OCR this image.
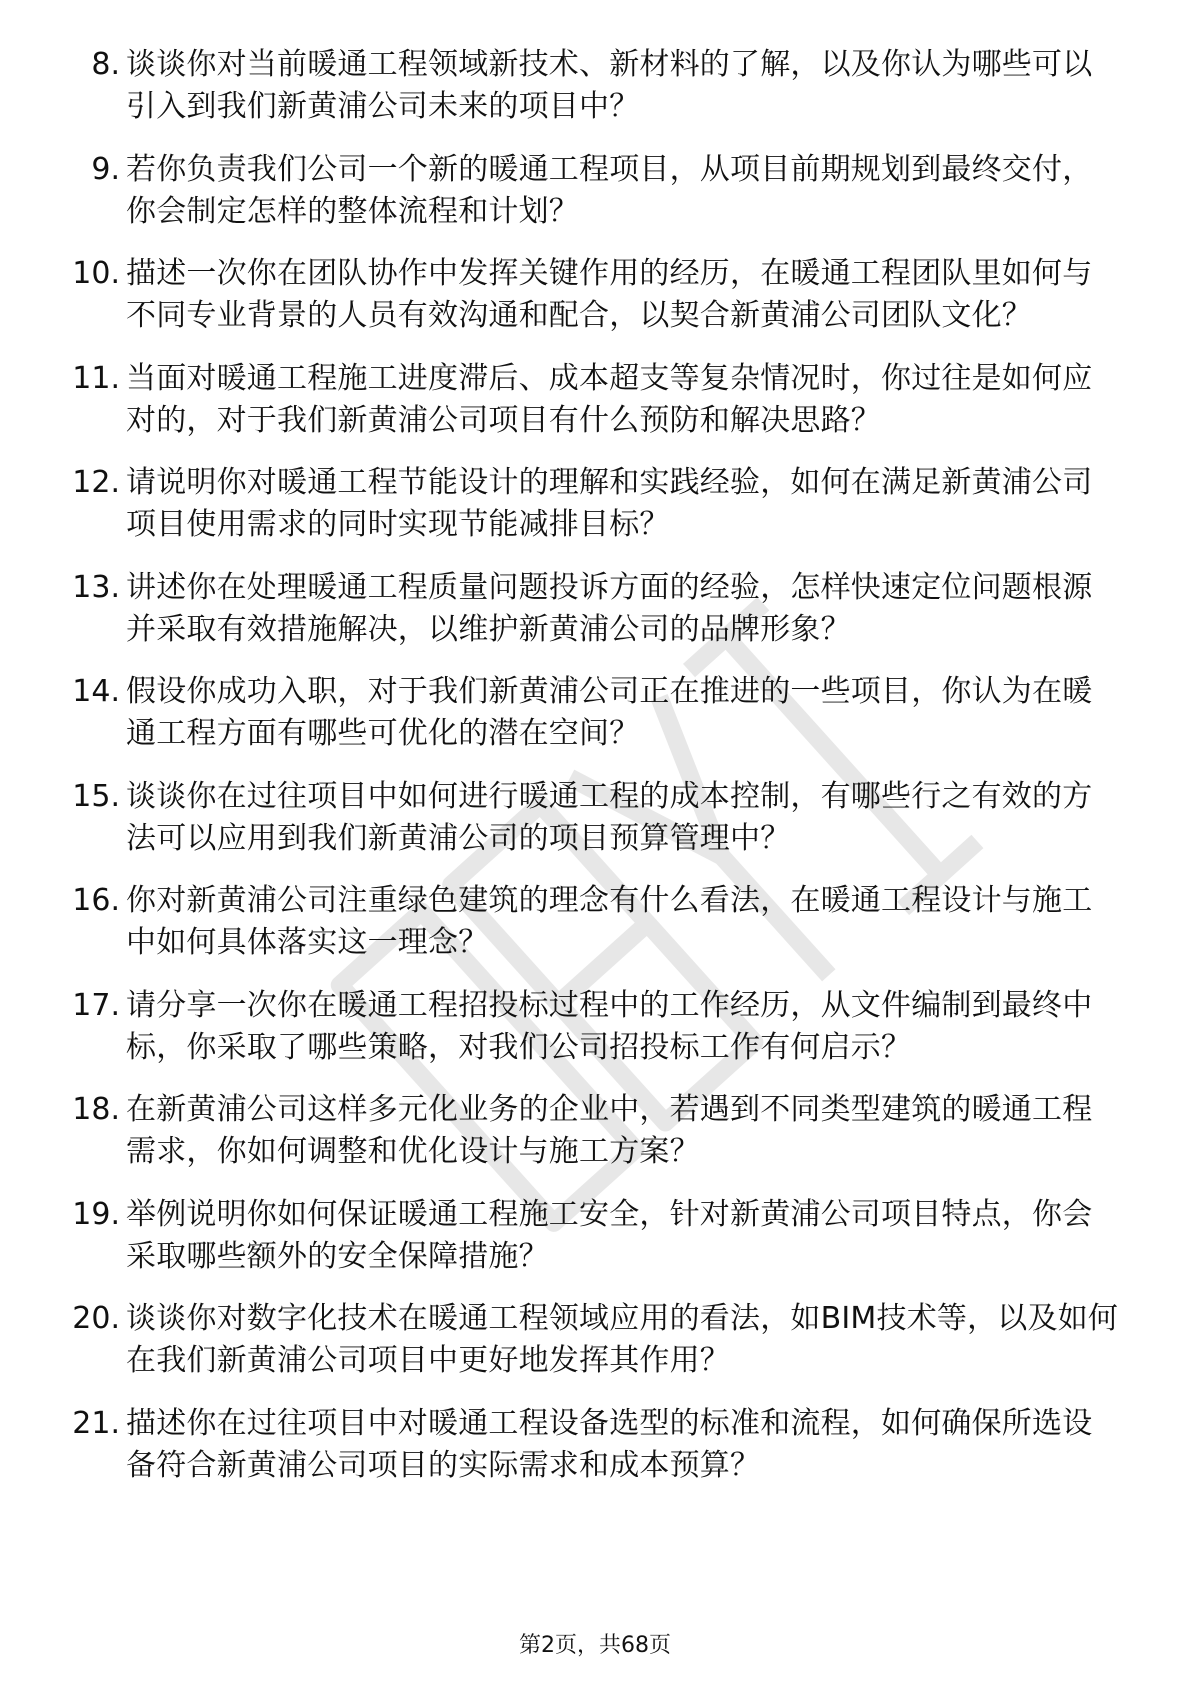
8. 谈谈你对当前暖通工程领域新技术、新材料的了解，以及你认为哪些可以引入到我们新黄浦公司未来的项目中？
9. 若你负责我们公司一个新的暖通工程项目，从项目前期规划到最终交付，你会制定怎样的整体流程和计划？
10. 描述一次你在团队协作中发挥关键作用的经历，在暖通工程团队里如何与不同专业背景的人员有效沟通和配合，以契合新黄浦公司团队文化？
11. 当面对暖通工程施工进度滞后、成本超支等复杂情况时，你过往是如何应对的，对于我们新黄浦公司项目有什么预防和解决思路？
12. 请说明你对暖通工程节能设计的理解和实践经验，如何在满足新黄浦公司项目使用需求的同时实现节能减排目标？
13. 讲述你在处理暖通工程质量问题投诉方面的经验，怎样快速定位问题根源并采取有效措施解决，以维护新黄浦公司的品牌形象？
14. 假设你成功入职，对于我们新黄浦公司正在推进的一些项目，你认为在暖通工程方面有哪些可优化的潜在空间？
15. 谈谈你在过往项目中如何进行暖通工程的成本控制，有哪些行之有效的方法可以应用到我们新黄浦公司的项目预算管理中？
16. 你对新黄浦公司注重绿色建筑的理念有什么看法，在暖通工程设计与施工中如何具体落实这一理念？
17. 请分享一次你在暖通工程招投标过程中的工作经历，从文件编制到最终中标，你采取了哪些策略，对我们公司招投标工作有何启示？
18. 在新黄浦公司这样多元化业务的企业中，若遇到不同类型建筑的暖通工程需求，你如何调整和优化设计与施工方案？
19. 举例说明你如何保证暖通工程施工安全，针对新黄浦公司项目特点，你会采取哪些额外的安全保障措施？
20. 谈谈你对数字化技术在暖通工程领域应用的看法，如BIM技术等，以及如何在我们新黄浦公司项目中更好地发挥其作用？
21. 描述你在过往项目中对暖通工程设备选型的标准和流程，如何确保所选设备符合新黄浦公司项目的实际需求和成本预算？
第2页，共68页
